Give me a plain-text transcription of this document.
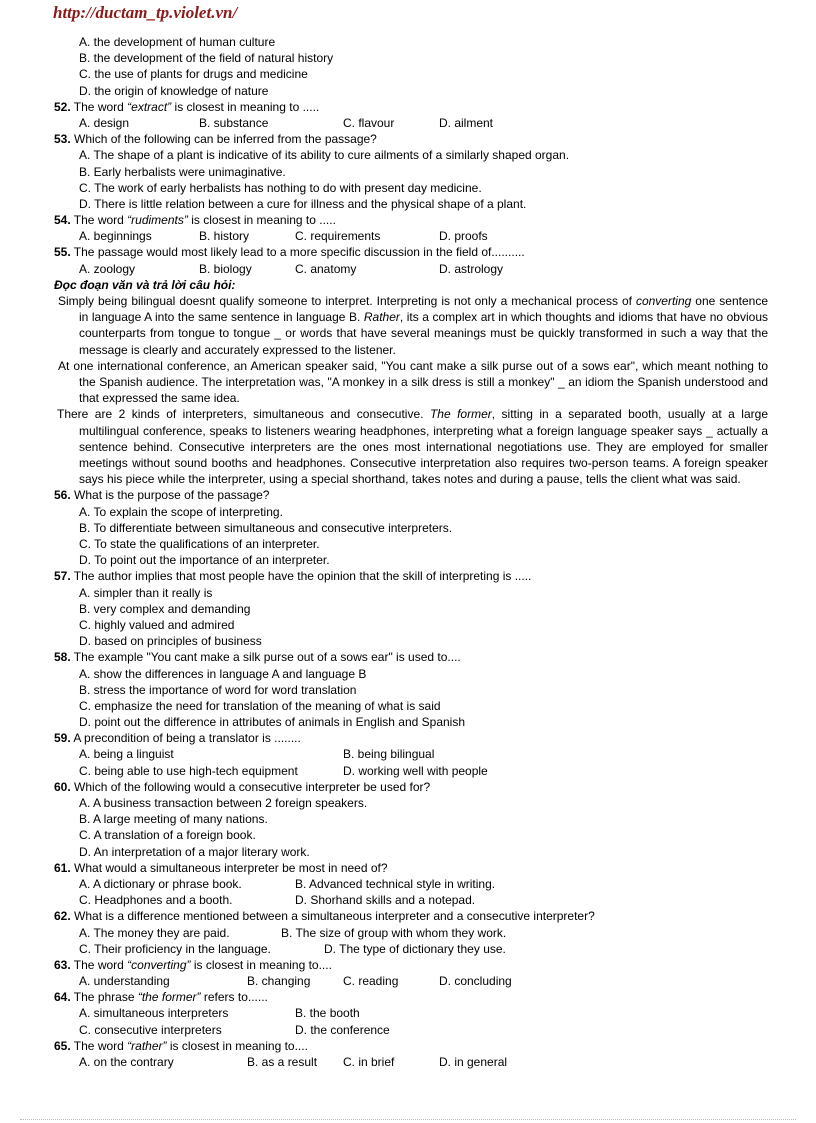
http://ductam_tp.violet.vn/
A. the development of human culture
B. the development of the field of natural history
C. the use of plants for drugs and medicine
D. the origin of knowledge of nature
52. The word “extract” is closest in meaning to .....
A. design	B. substance	C. flavour	D. ailment
53. Which of the following can be inferred from the passage?
A. The shape of a plant is indicative of its ability to cure ailments of a similarly shaped organ.
B. Early herbalists were unimaginative.
C. The work of early herbalists has nothing to do with present day medicine.
D. There is little relation between a cure for illness and the physical shape of a plant.
54. The word “rudiments” is closest in meaning to .....
A. beginnings	B. history	C. requirements	D. proofs
55. The passage would most likely lead to a more specific discussion in the field of..........
A. zoology	B. biology	C. anatomy	D. astrology
Đọc đoạn văn và trả lời câu hỏi:
Simply being bilingual doesnt qualify someone to interpret. Interpreting is not only a mechanical process of converting one sentence in language A into the same sentence in language B. Rather, its a complex art in which thoughts and idioms that have no obvious counterparts from tongue to tongue _ or words that have several meanings must be quickly transformed in such a way that the message is clearly and accurately expressed to the listener.
At one international conference, an American speaker said, "You cant make a silk purse out of a sows ear", which meant nothing to the Spanish audience. The interpretation was, "A monkey in a silk dress is still a monkey" _ an idiom the Spanish understood and that expressed the same idea.
There are 2 kinds of interpreters, simultaneous and consecutive. The former, sitting in a separated booth, usually at a large multilingual conference, speaks to listeners wearing headphones, interpreting what a foreign language speaker says _ actually a sentence behind. Consecutive interpreters are the ones most international negotiations use. They are employed for smaller meetings without sound booths and headphones. Consecutive interpretation also requires two-person teams. A foreign speaker says his piece while the interpreter, using a special shorthand, takes notes and during a pause, tells the client what was said.
56. What is the purpose of the passage?
A. To explain the scope of interpreting.
B. To differentiate between simultaneous and consecutive interpreters.
C. To state the qualifications of an interpreter.
D. To point out the importance of an interpreter.
57. The author implies that most people have the opinion that the skill of interpreting is .....
A. simpler than it really is
B. very complex and demanding
C. highly valued and admired
D. based on principles of business
58. The example "You cant make a silk purse out of a sows ear" is used to....
A. show the differences in language A and language B
B. stress the importance of word for word translation
C. emphasize the need for translation of the meaning of what is said
D. point out the difference in attributes of animals in English and Spanish
59. A precondition of being a translator is ........
A. being a linguist	B. being bilingual
C. being able to use high-tech equipment	D. working well with people
60. Which of the following would a consecutive interpreter be used for?
A. A business transaction between 2 foreign speakers.
B. A large meeting of many nations.
C. A translation of a foreign book.
D. An interpretation of a major literary work.
61. What would a simultaneous interpreter be most in need of?
A. A dictionary or phrase book.	B. Advanced technical style in writing.
C. Headphones and a booth.	D. Shorhand skills and a notepad.
62. What is a difference mentioned between a simultaneous interpreter and a consecutive interpreter?
A. The money they are paid.	B. The size of group with whom they work.
C. Their proficiency in the language.	D. The type of dictionary they use.
63. The word “converting” is closest in meaning to....
A. understanding	B. changing	C. reading	D. concluding
64. The phrase “the former” refers to......
A. simultaneous interpreters	B. the booth
C. consecutive interpreters	D. the conference
65. The word “rather” is closest in meaning to....
A. on the contrary	B. as a result C. in brief	D. in general
